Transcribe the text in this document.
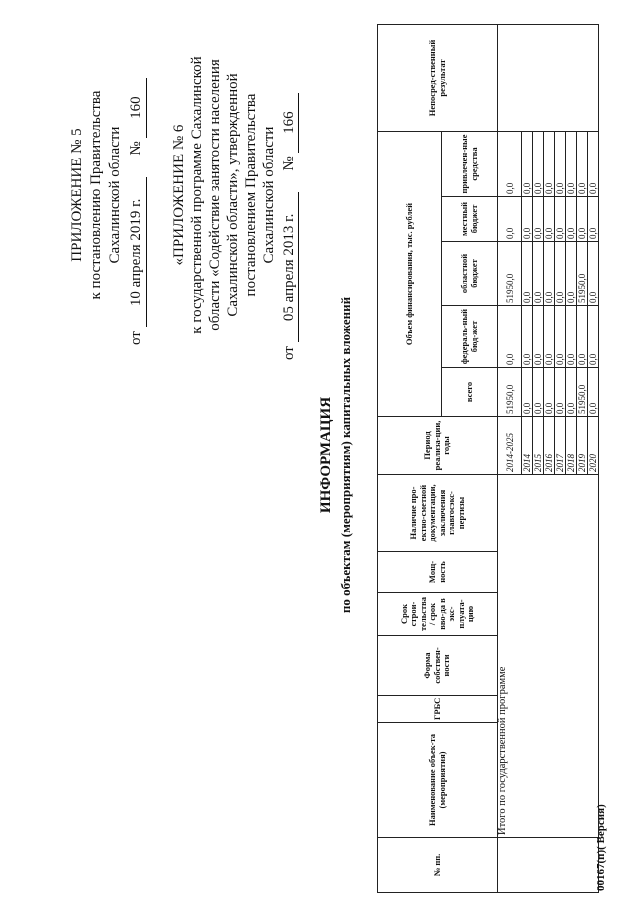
ПРИЛОЖЕНИЕ № 5 к постановлению Правительства Сахалинской области
от 10 апреля 2019 г. № 160
«ПРИЛОЖЕНИЕ № 6 к государственной программе Сахалинской области «Содействие занятости населения Сахалинской области», утвержденной постановлением Правительства Сахалинской области
от 05 апреля 2013 г. № 166
ИНФОРМАЦИЯ по объектам (мероприятиям) капитальных вложений
№ пп.	Наименование объек-та (мероприятия)	ГРБС	Форма собствен-ности	Срок строи-тельства / срок вво-да в экс-плуата-цию	Мощ-ность	Наличие про-ектно-сметной документации, заключения главгосэкс-пертизы	Период реализа-ции, годы	Объем финансирования, тыс. рублей					Непосред-ственный результат
								всего	федераль-ный бюд-жет	областной бюджет	местный бюджет	привлечен-ные средства	
	Итого по государственной программе						2014-2025	51950,0	0,0	51950,0	0,0	0,0	
							2014	0,0	0,0	0,0	0,0	0,0	
							2015	0,0	0,0	0,0	0,0	0,0	
							2016	0,0	0,0	0,0	0,0	0,0	
							2017	0,0	0,0	0,0	0,0	0,0	
							2018	0,0	0,0	0,0	0,0	0,0	
							2019	51950,0	0,0	51950,0	0,0	0,0	
							2020	0,0	0,0	0,0	0,0	0,0	
00167(п)( Версия)
